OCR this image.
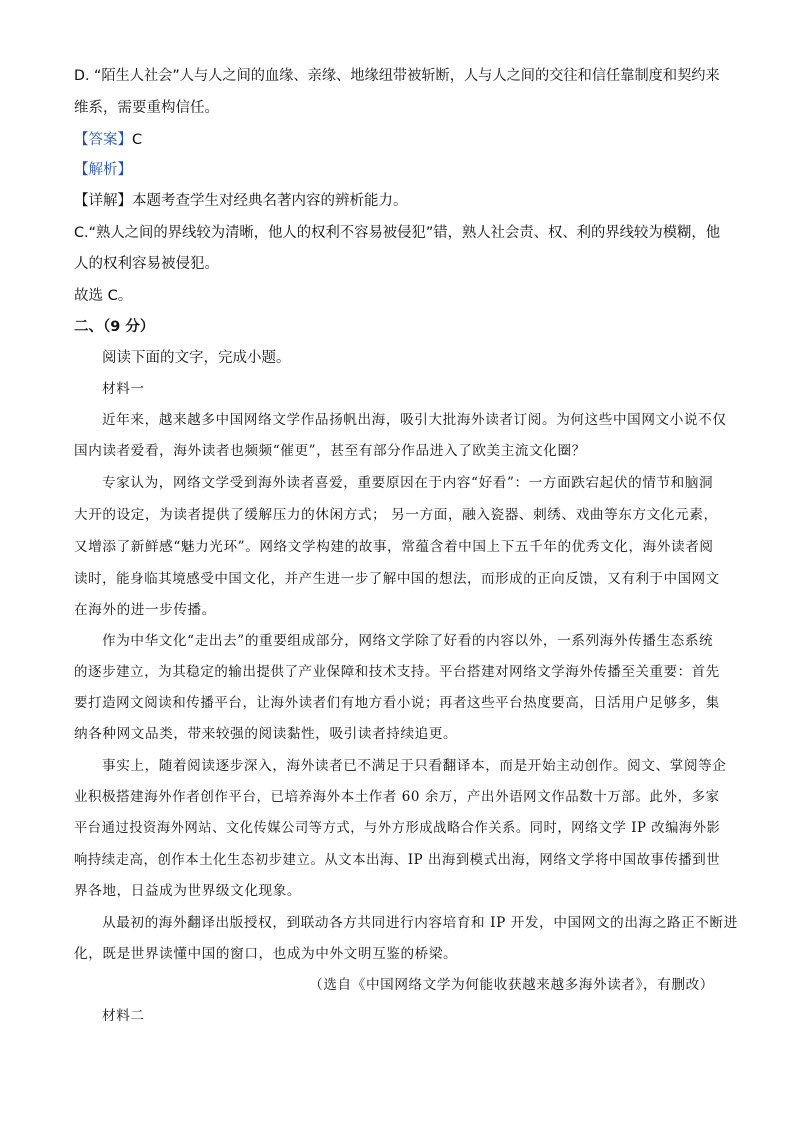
D. “陌生人社会”人与人之间的血缘、亲缘、地缘纽带被斩断，人与人之间的交往和信任靠制度和契约来
维系，需要重构信任。
【答案】C
【解析】
【详解】本题考查学生对经典名著内容的辨析能力。
C.“熟人之间的界线较为清晰，他人的权利不容易被侵犯”错，熟人社会责、权、利的界线较为模糊，他
人的权利容易被侵犯。
故选 C。
二、（9 分）
阅读下面的文字，完成小题。
材料一
近年来，越来越多中国网络文学作品扬帆出海，吸引大批海外读者订阅。为何这些中国网文小说不仅
国内读者爱看，海外读者也频频“催更”，甚至有部分作品进入了欧美主流文化圈？
专家认为，网络文学受到海外读者喜爱，重要原因在于内容“好看”：一方面跌宕起伏的情节和脑洞
大开的设定，为读者提供了缓解压力的休闲方式； 另一方面，融入瓷器、刺绣、戏曲等东方文化元素，
又增添了新鲜感“魅力光环”。网络文学构建的故事，常蕴含着中国上下五千年的优秀文化，海外读者阅
读时，能身临其境感受中国文化，并产生进一步了解中国的想法，而形成的正向反馈，又有利于中国网文
在海外的进一步传播。
作为中华文化“走出去”的重要组成部分，网络文学除了好看的内容以外，一系列海外传播生态系统
的逐步建立，为其稳定的输出提供了产业保障和技术支持。平台搭建对网络文学海外传播至关重要：首先
要打造网文阅读和传播平台，让海外读者们有地方看小说；再者这些平台热度要高，日活用户足够多，集
纳各种网文品类，带来较强的阅读黏性，吸引读者持续追更。
事实上，随着阅读逐步深入，海外读者已不满足于只看翻译本，而是开始主动创作。阅文、掌阅等企
业积极搭建海外作者创作平台，已培养海外本土作者 60 余万，产出外语网文作品数十万部。此外，多家
平台通过投资海外网站、文化传媒公司等方式，与外方形成战略合作关系。同时，网络文学 IP 改编海外影
响持续走高，创作本土化生态初步建立。从文本出海、IP 出海到模式出海，网络文学将中国故事传播到世
界各地，日益成为世界级文化现象。
从最初的海外翻译出版授权，到联动各方共同进行内容培育和 IP 开发，中国网文的出海之路正不断进
化，既是世界读懂中国的窗口，也成为中外文明互鉴的桥梁。
（选自《中国网络文学为何能收获越来越多海外读者》，有删改）
材料二
